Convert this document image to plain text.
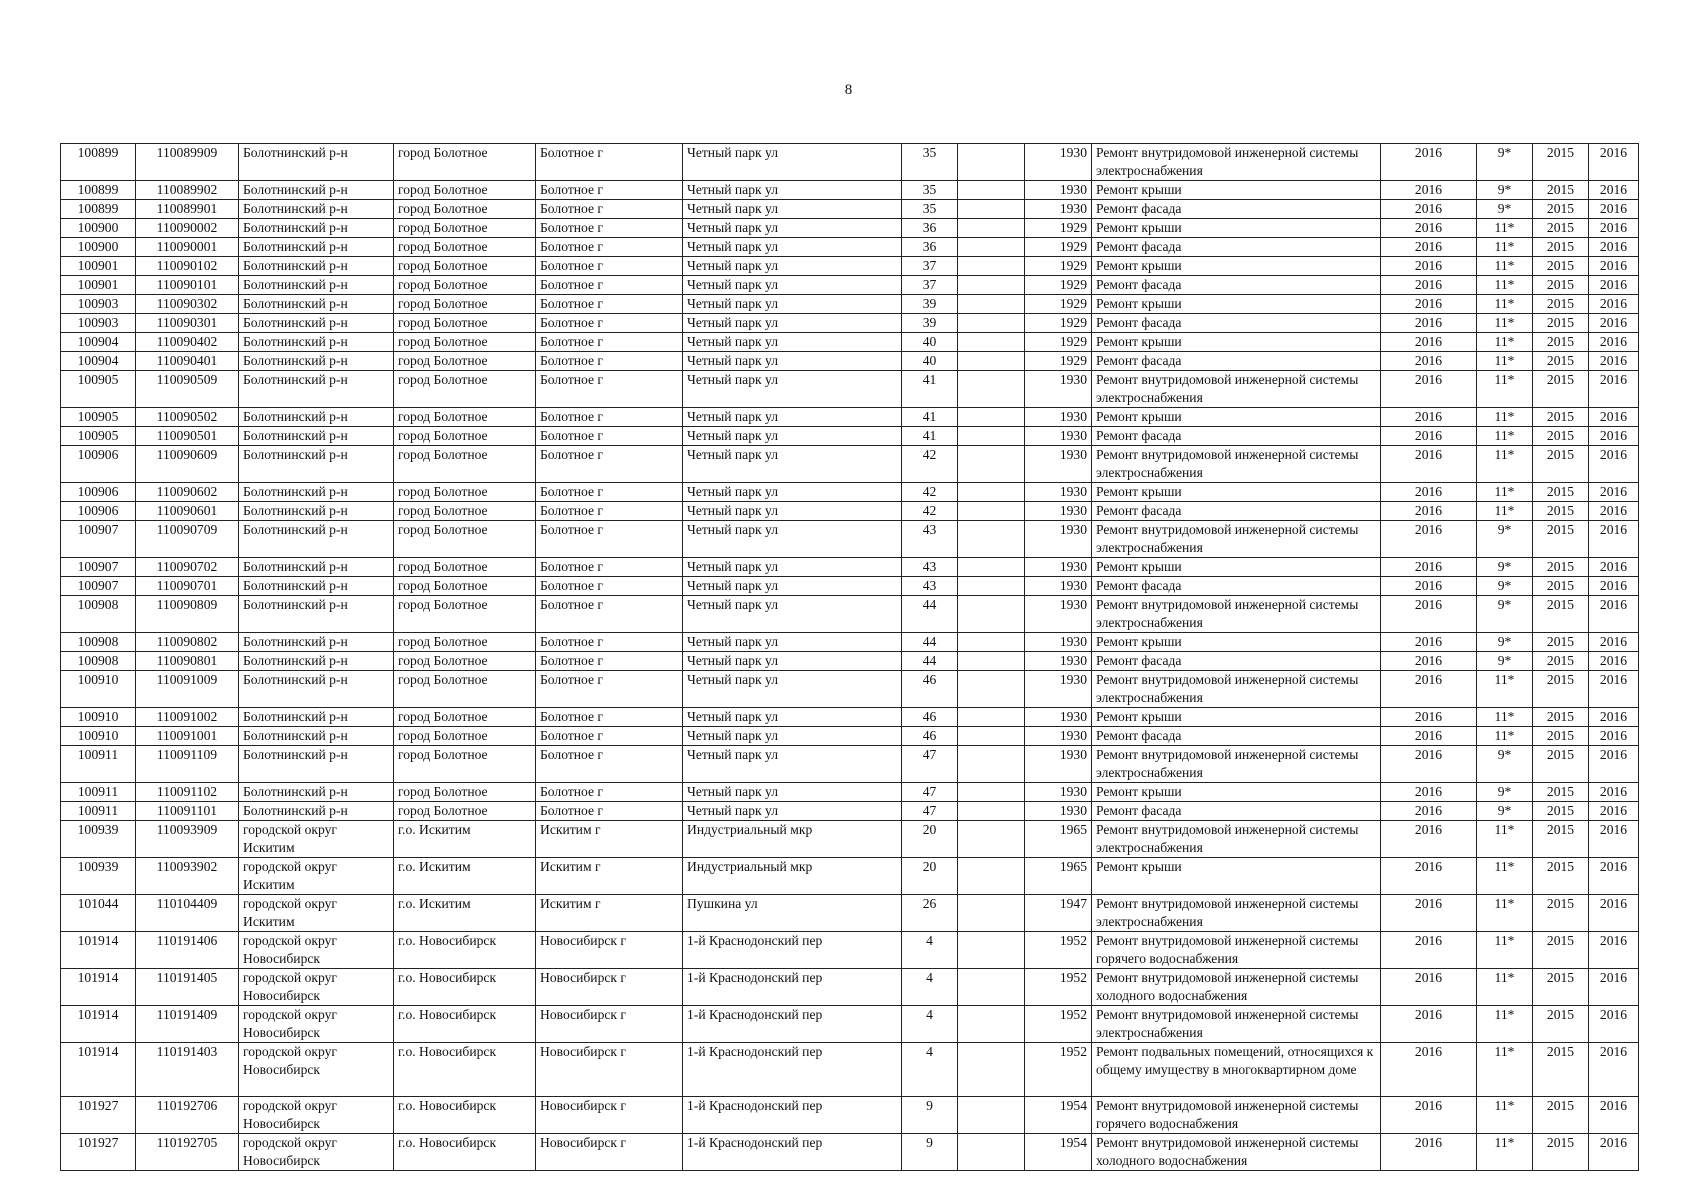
8
100899	110089909	Болотнинский р-н	город Болотное	Болотное г	Четный парк ул	35		1930	Ремонт внутридомовой инженерной системы электроснабжения	2016	9*	2015	2016
100899	110089902	Болотнинский р-н	город Болотное	Болотное г	Четный парк ул	35		1930	Ремонт крыши	2016	9*	2015	2016
100899	110089901	Болотнинский р-н	город Болотное	Болотное г	Четный парк ул	35		1930	Ремонт фасада	2016	9*	2015	2016
100900	110090002	Болотнинский р-н	город Болотное	Болотное г	Четный парк ул	36		1929	Ремонт крыши	2016	11*	2015	2016
100900	110090001	Болотнинский р-н	город Болотное	Болотное г	Четный парк ул	36		1929	Ремонт фасада	2016	11*	2015	2016
100901	110090102	Болотнинский р-н	город Болотное	Болотное г	Четный парк ул	37		1929	Ремонт крыши	2016	11*	2015	2016
100901	110090101	Болотнинский р-н	город Болотное	Болотное г	Четный парк ул	37		1929	Ремонт фасада	2016	11*	2015	2016
100903	110090302	Болотнинский р-н	город Болотное	Болотное г	Четный парк ул	39		1929	Ремонт крыши	2016	11*	2015	2016
100903	110090301	Болотнинский р-н	город Болотное	Болотное г	Четный парк ул	39		1929	Ремонт фасада	2016	11*	2015	2016
100904	110090402	Болотнинский р-н	город Болотное	Болотное г	Четный парк ул	40		1929	Ремонт крыши	2016	11*	2015	2016
100904	110090401	Болотнинский р-н	город Болотное	Болотное г	Четный парк ул	40		1929	Ремонт фасада	2016	11*	2015	2016
100905	110090509	Болотнинский р-н	город Болотное	Болотное г	Четный парк ул	41		1930	Ремонт внутридомовой инженерной системы электроснабжения	2016	11*	2015	2016
100905	110090502	Болотнинский р-н	город Болотное	Болотное г	Четный парк ул	41		1930	Ремонт крыши	2016	11*	2015	2016
100905	110090501	Болотнинский р-н	город Болотное	Болотное г	Четный парк ул	41		1930	Ремонт фасада	2016	11*	2015	2016
100906	110090609	Болотнинский р-н	город Болотное	Болотное г	Четный парк ул	42		1930	Ремонт внутридомовой инженерной системы электроснабжения	2016	11*	2015	2016
100906	110090602	Болотнинский р-н	город Болотное	Болотное г	Четный парк ул	42		1930	Ремонт крыши	2016	11*	2015	2016
100906	110090601	Болотнинский р-н	город Болотное	Болотное г	Четный парк ул	42		1930	Ремонт фасада	2016	11*	2015	2016
100907	110090709	Болотнинский р-н	город Болотное	Болотное г	Четный парк ул	43		1930	Ремонт внутридомовой инженерной системы электроснабжения	2016	9*	2015	2016
100907	110090702	Болотнинский р-н	город Болотное	Болотное г	Четный парк ул	43		1930	Ремонт крыши	2016	9*	2015	2016
100907	110090701	Болотнинский р-н	город Болотное	Болотное г	Четный парк ул	43		1930	Ремонт фасада	2016	9*	2015	2016
100908	110090809	Болотнинский р-н	город Болотное	Болотное г	Четный парк ул	44		1930	Ремонт внутридомовой инженерной системы электроснабжения	2016	9*	2015	2016
100908	110090802	Болотнинский р-н	город Болотное	Болотное г	Четный парк ул	44		1930	Ремонт крыши	2016	9*	2015	2016
100908	110090801	Болотнинский р-н	город Болотное	Болотное г	Четный парк ул	44		1930	Ремонт фасада	2016	9*	2015	2016
100910	110091009	Болотнинский р-н	город Болотное	Болотное г	Четный парк ул	46		1930	Ремонт внутридомовой инженерной системы электроснабжения	2016	11*	2015	2016
100910	110091002	Болотнинский р-н	город Болотное	Болотное г	Четный парк ул	46		1930	Ремонт крыши	2016	11*	2015	2016
100910	110091001	Болотнинский р-н	город Болотное	Болотное г	Четный парк ул	46		1930	Ремонт фасада	2016	11*	2015	2016
100911	110091109	Болотнинский р-н	город Болотное	Болотное г	Четный парк ул	47		1930	Ремонт внутридомовой инженерной системы электроснабжения	2016	9*	2015	2016
100911	110091102	Болотнинский р-н	город Болотное	Болотное г	Четный парк ул	47		1930	Ремонт крыши	2016	9*	2015	2016
100911	110091101	Болотнинский р-н	город Болотное	Болотное г	Четный парк ул	47		1930	Ремонт фасада	2016	9*	2015	2016
100939	110093909	городской округ Искитим	г.о. Искитим	Искитим г	Индустриальный мкр	20		1965	Ремонт внутридомовой инженерной системы электроснабжения	2016	11*	2015	2016
100939	110093902	городской округ Искитим	г.о. Искитим	Искитим г	Индустриальный мкр	20		1965	Ремонт крыши	2016	11*	2015	2016
101044	110104409	городской округ Искитим	г.о. Искитим	Искитим г	Пушкина ул	26		1947	Ремонт внутридомовой инженерной системы электроснабжения	2016	11*	2015	2016
101914	110191406	городской округ Новосибирск	г.о. Новосибирск	Новосибирск г	1-й Краснодонский пер	4		1952	Ремонт внутридомовой инженерной системы горячего водоснабжения	2016	11*	2015	2016
101914	110191405	городской округ Новосибирск	г.о. Новосибирск	Новосибирск г	1-й Краснодонский пер	4		1952	Ремонт внутридомовой инженерной системы холодного водоснабжения	2016	11*	2015	2016
101914	110191409	городской округ Новосибирск	г.о. Новосибирск	Новосибирск г	1-й Краснодонский пер	4		1952	Ремонт внутридомовой инженерной системы электроснабжения	2016	11*	2015	2016
101914	110191403	городской округ Новосибирск	г.о. Новосибирск	Новосибирск г	1-й Краснодонский пер	4		1952	Ремонт подвальных помещений, относящихся к общему имуществу в многоквартирном доме	2016	11*	2015	2016
101927	110192706	городской округ Новосибирск	г.о. Новосибирск	Новосибирск г	1-й Краснодонский пер	9		1954	Ремонт внутридомовой инженерной системы горячего водоснабжения	2016	11*	2015	2016
101927	110192705	городской округ Новосибирск	г.о. Новосибирск	Новосибирск г	1-й Краснодонский пер	9		1954	Ремонт внутридомовой инженерной системы холодного водоснабжения	2016	11*	2015	2016
